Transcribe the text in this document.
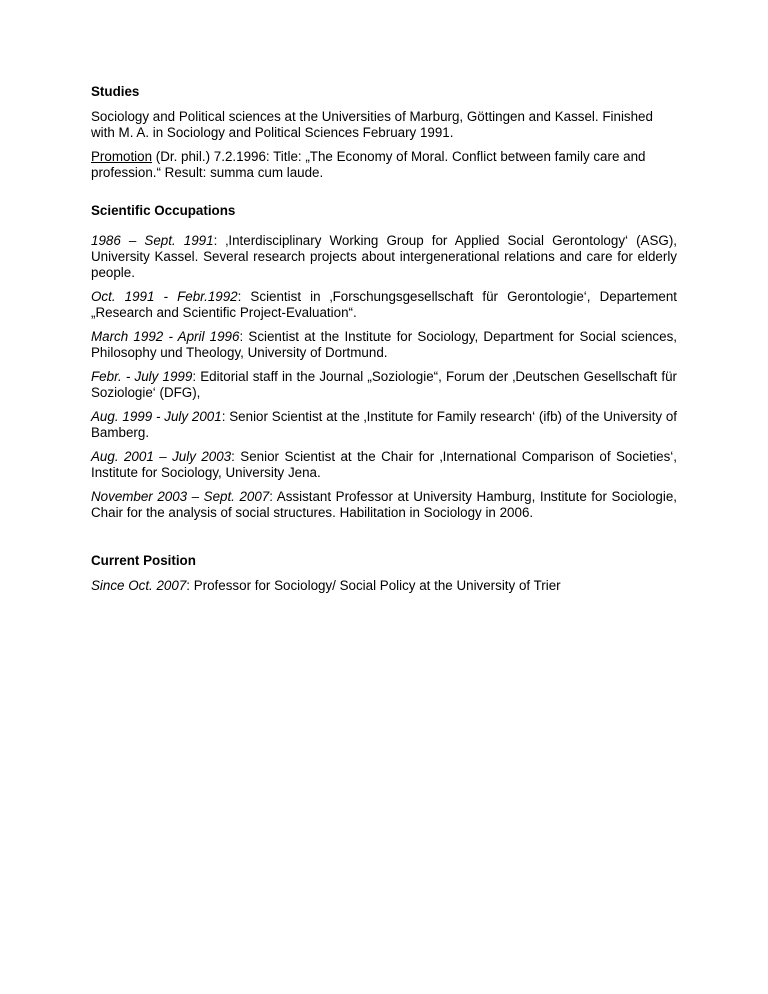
Studies

Sociology and Political sciences at the Universities of Marburg, Göttingen and Kassel. Finished with M. A. in Sociology and Political Sciences February 1991.

Promotion (Dr. phil.) 7.2.1996: Title: „The Economy of Moral. Conflict between family care and profession.“ Result: summa cum laude.

Scientific Occupations

1986 – Sept. 1991: ‚Interdisciplinary Working Group for Applied Social Gerontology‘ (ASG), University Kassel. Several research projects about intergenerational relations and care for elderly people.

Oct. 1991 - Febr.1992: Scientist in ‚Forschungsgesellschaft für Gerontologie‘, Departement „Research and Scientific Project-Evaluation“.

March 1992 - April 1996: Scientist at the Institute for Sociology, Department for Social sciences, Philosophy und Theology, University of Dortmund.

Febr. - July 1999: Editorial staff in the Journal „Soziologie“, Forum der ‚Deutschen Gesellschaft für Soziologie‘ (DFG),

Aug. 1999 - July 2001: Senior Scientist at the ‚Institute for Family research‘ (ifb) of the University of Bamberg.

Aug. 2001 – July 2003: Senior Scientist at the Chair for ‚International Comparison of Societies‘, Institute for Sociology, University Jena.

November 2003 – Sept. 2007: Assistant Professor at University Hamburg, Institute for Sociologie, Chair for the analysis of social structures. Habilitation in Sociology in 2006.

Current Position

Since Oct. 2007: Professor for Sociology/ Social Policy at the University of Trier
